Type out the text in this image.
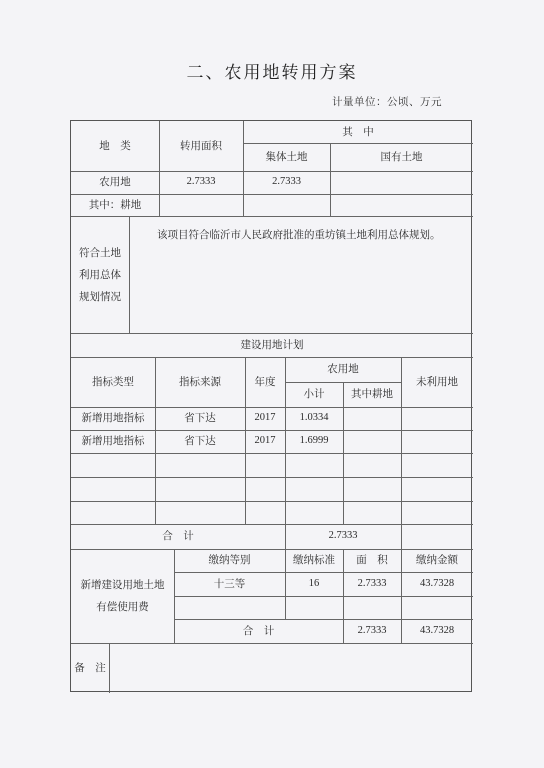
二、农用地转用方案
计量单位：公顷、万元
地　类	转用面积
其　中
集体土地	国有土地
农用地	2.7333	2.7333
其中：耕地
符合土地
利用总体
规划情况
该项目符合临沂市人民政府批准的重坊镇土地利用总体规划。
建设用地计划
指标类型	指标来源	年度
农用地
小计	其中耕地
未利用地
新增用地指标	省下达	2017	1.0334
新增用地指标	省下达	2017	1.6999
合　计	2.7333
新增建设用地土地
有偿使用费
缴纳等别	缴纳标准	面　积	缴纳金额
十三等	16	2.7333	43.7328
合　计	2.7333	43.7328
备　注
